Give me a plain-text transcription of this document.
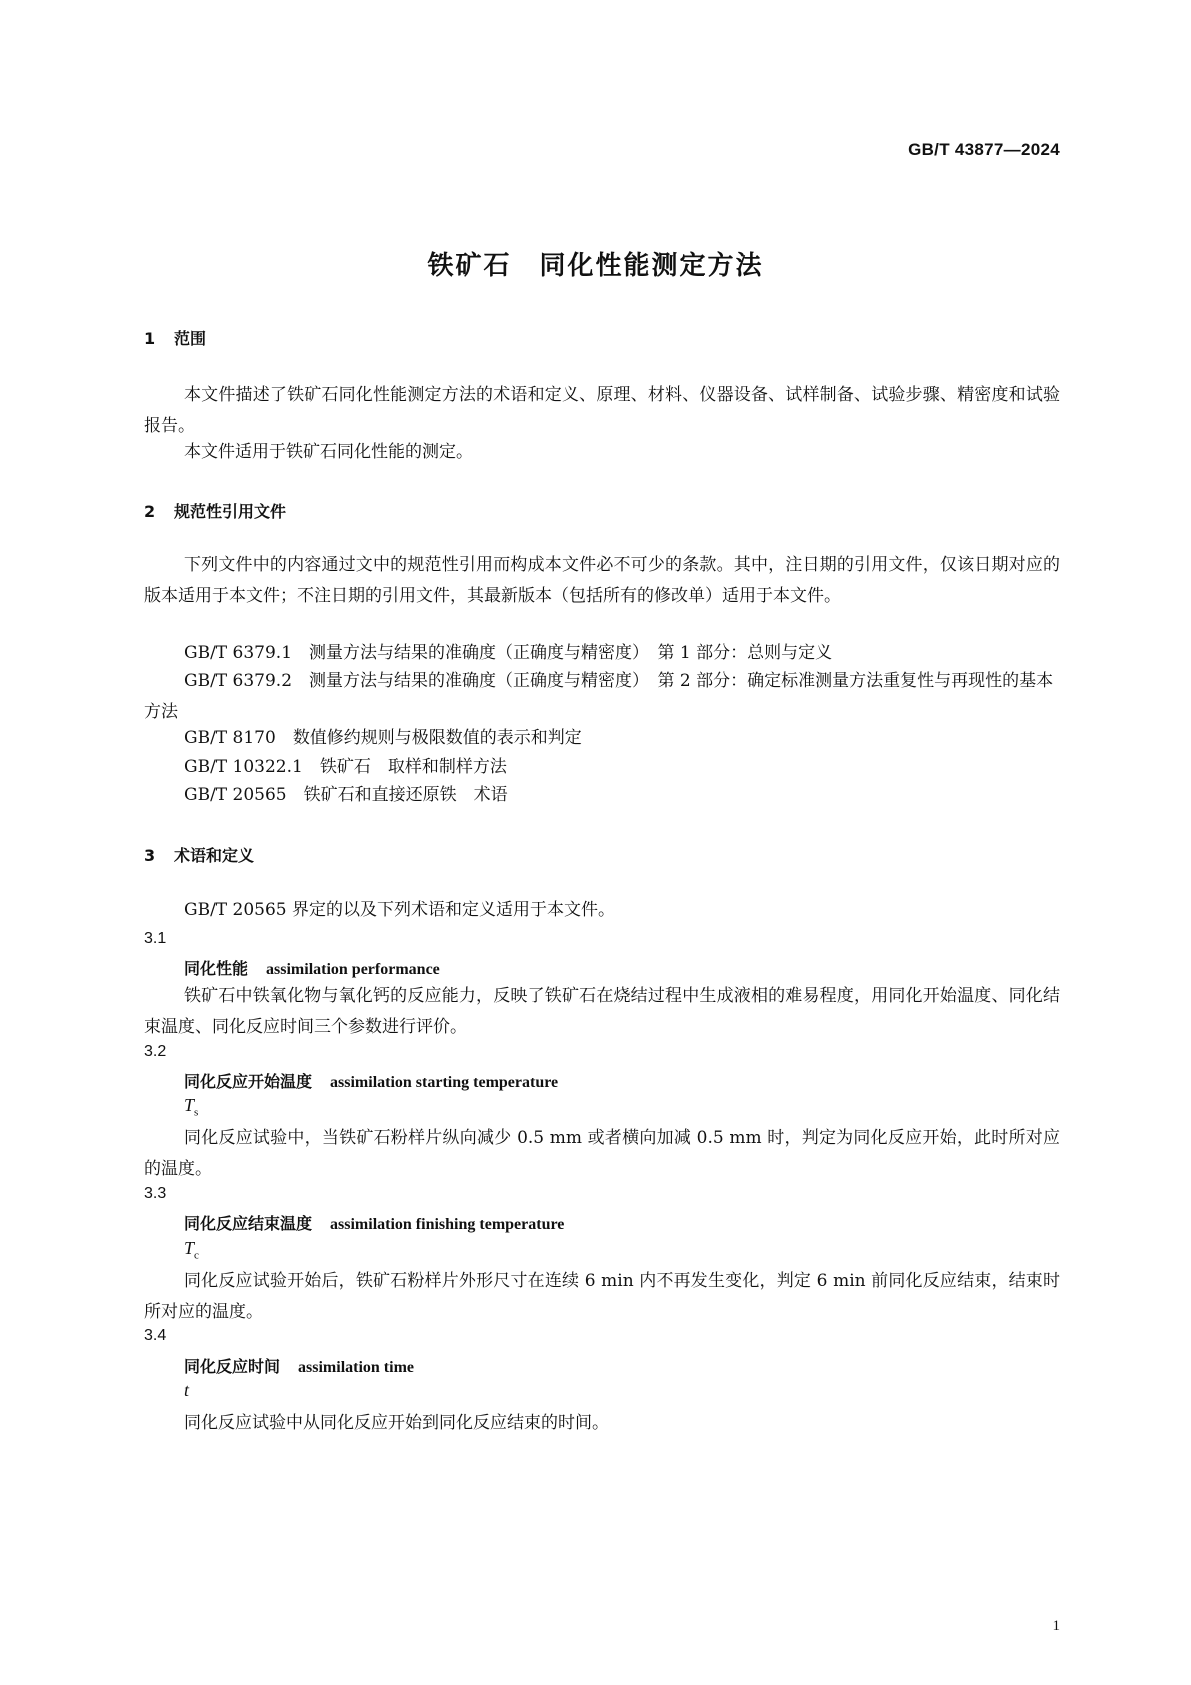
GB/T 43877—2024
铁矿石　同化性能测定方法
1 范围
本文件描述了铁矿石同化性能测定方法的术语和定义、原理、材料、仪器设备、试样制备、试验步骤、精密度和试验报告。
本文件适用于铁矿石同化性能的测定。
2 规范性引用文件
下列文件中的内容通过文中的规范性引用而构成本文件必不可少的条款。其中，注日期的引用文件，仅该日期对应的版本适用于本文件；不注日期的引用文件，其最新版本（包括所有的修改单）适用于本文件。
GB/T 6379.1　 测量方法与结果的准确度（正确度与精密度）　第 1 部分：总则与定义
GB/T 6379.2　 测量方法与结果的准确度（正确度与精密度）　第 2 部分：确定标准测量方法重复性与再现性的基本方法
GB/T 8170　 数值修约规则与极限数值的表示和判定
GB/T 10322.1　 铁矿石　取样和制样方法
GB/T 20565　 铁矿石和直接还原铁　术语
3 术语和定义
GB/T 20565 界定的以及下列术语和定义适用于本文件。
3.1
同化性能 assimilation performance
铁矿石中铁氧化物与氧化钙的反应能力，反映了铁矿石在烧结过程中生成液相的难易程度，用同化开始温度、同化结束温度、同化反应时间三个参数进行评价。
3.2
同化反应开始温度 assimilation starting temperature
$T_s$
同化反应试验中，当铁矿石粉样片纵向减少 0.5 mm 或者横向加减 0.5 mm 时，判定为同化反应开始，此时所对应的温度。
3.3
同化反应结束温度 assimilation finishing temperature
$T_c$
同化反应试验开始后，铁矿石粉样片外形尺寸在连续 6 min 内不再发生变化，判定 6 min 前同化反应结束，结束时所对应的温度。
3.4
同化反应时间 assimilation time
t
同化反应试验中从同化反应开始到同化反应结束的时间。
1
